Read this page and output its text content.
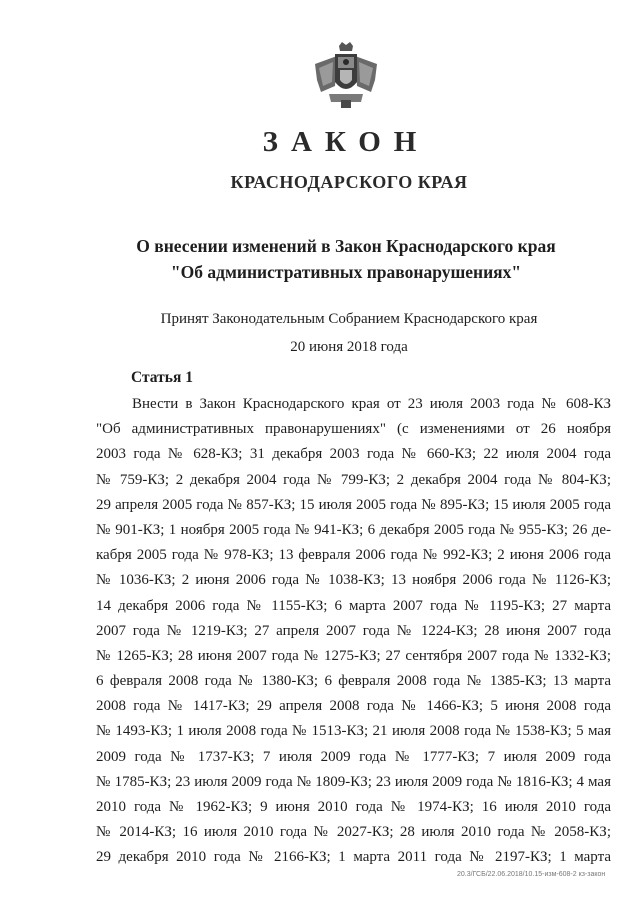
ЗАКОН
КРАСНОДАРСКОГО КРАЯ
О внесении изменений в Закон Краснодарского края
"Об административных правонарушениях"
Принят Законодательным Собранием Краснодарского края
20 июня 2018 года
Статья 1
Внести в Закон Краснодарского края от 23 июля 2003 года № 608-КЗ
"Об административных правонарушениях" (с изменениями от 26 ноября
2003 года № 628-КЗ; 31 декабря 2003 года № 660-КЗ; 22 июля 2004 года
№ 759-КЗ; 2 декабря 2004 года № 799-КЗ; 2 декабря 2004 года № 804-КЗ;
29 апреля 2005 года № 857-КЗ; 15 июля 2005 года № 895-КЗ; 15 июля 2005 года
№ 901-КЗ; 1 ноября 2005 года № 941-КЗ; 6 декабря 2005 года № 955-КЗ; 26 де-
кабря 2005 года № 978-КЗ; 13 февраля 2006 года № 992-КЗ; 2 июня 2006 года
№ 1036-КЗ; 2 июня 2006 года № 1038-КЗ; 13 ноября 2006 года № 1126-КЗ;
14 декабря 2006 года № 1155-КЗ; 6 марта 2007 года № 1195-КЗ; 27 марта
2007 года № 1219-КЗ; 27 апреля 2007 года № 1224-КЗ; 28 июня 2007 года
№ 1265-КЗ; 28 июня 2007 года № 1275-КЗ; 27 сентября 2007 года № 1332-КЗ;
6 февраля 2008 года № 1380-КЗ; 6 февраля 2008 года № 1385-КЗ; 13 марта
2008 года № 1417-КЗ; 29 апреля 2008 года № 1466-КЗ; 5 июня 2008 года
№ 1493-КЗ; 1 июля 2008 года № 1513-КЗ; 21 июля 2008 года № 1538-КЗ; 5 мая
2009 года № 1737-КЗ; 7 июля 2009 года № 1777-КЗ; 7 июля 2009 года
№ 1785-КЗ; 23 июля 2009 года № 1809-КЗ; 23 июля 2009 года № 1816-КЗ; 4 мая
2010 года № 1962-КЗ; 9 июня 2010 года № 1974-КЗ; 16 июля 2010 года
№ 2014-КЗ; 16 июля 2010 года № 2027-КЗ; 28 июля 2010 года № 2058-КЗ;
29 декабря 2010 года № 2166-КЗ; 1 марта 2011 года № 2197-КЗ; 1 марта
20.3/ГСБ/22.06.2018/10.15-изм-608-2 кз-закон
